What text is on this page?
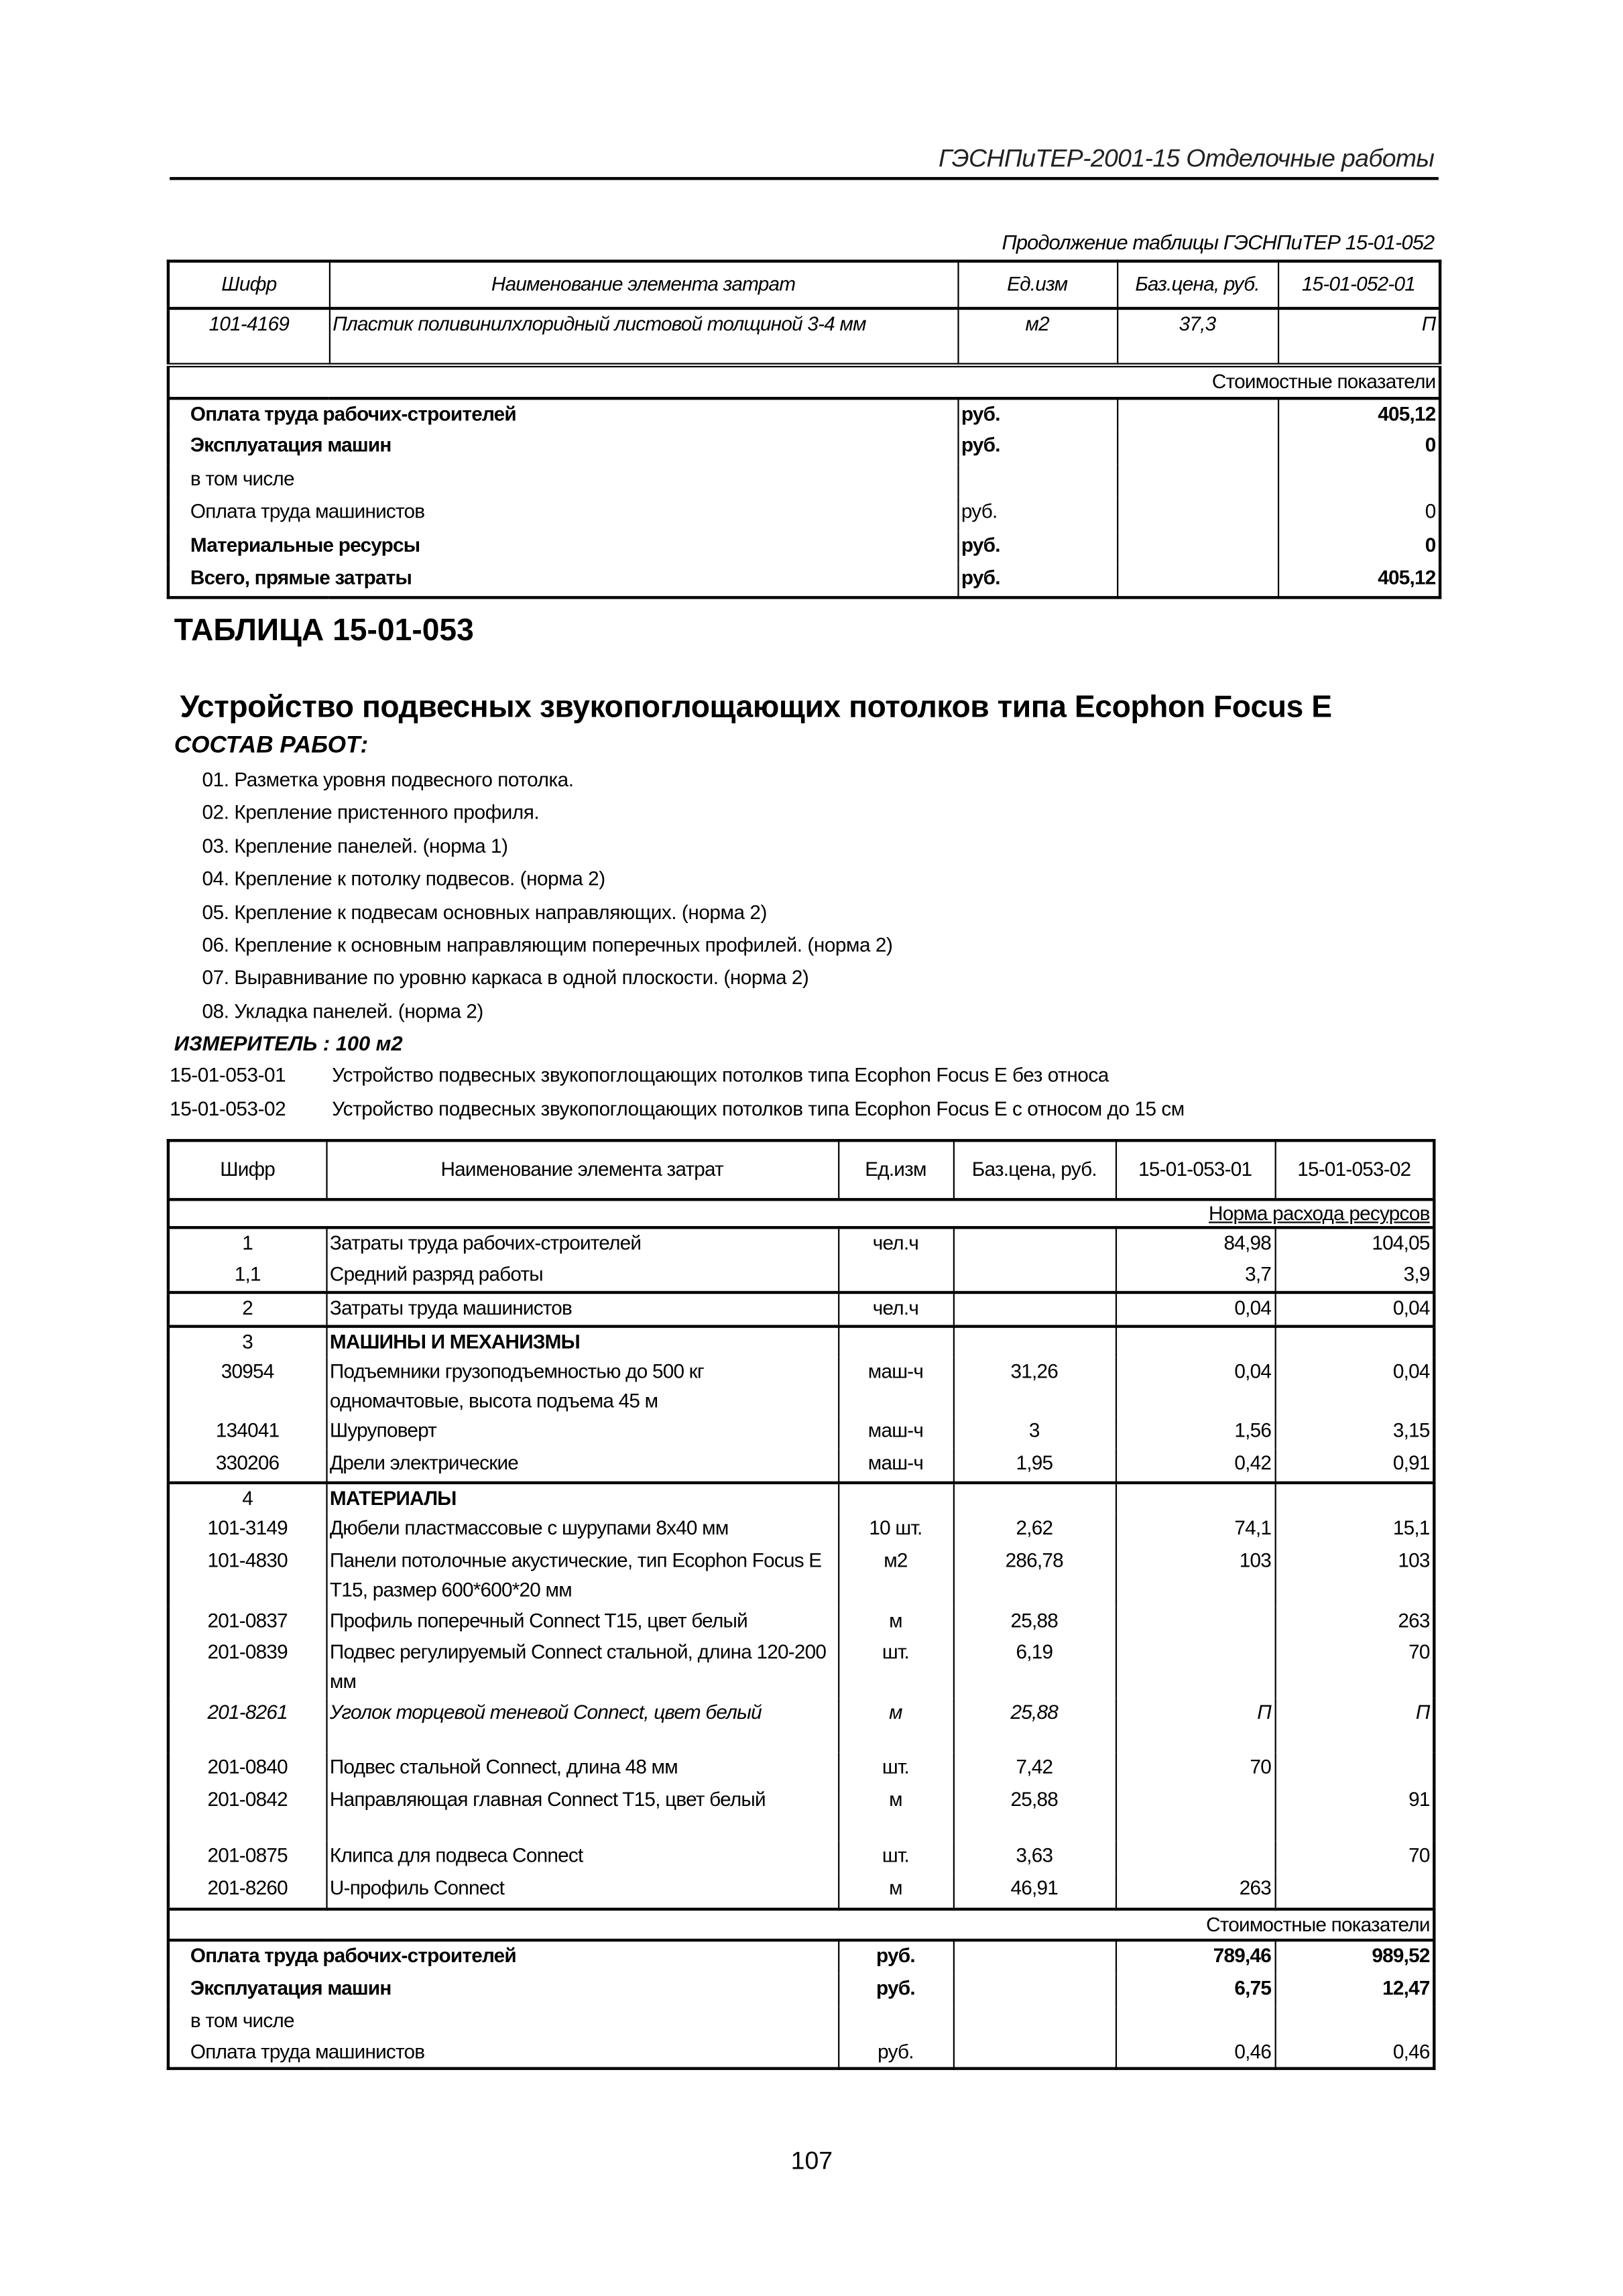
ГЭСНПиТЕР-2001-15 Отделочные работы
Продолжение таблицы ГЭСНПиТЕР 15-01-052
Шифр	Наименование элемента затрат	Ед.изм	Баз.цена, руб.	15-01-052-01
101-4169	Пластик поливинилхлоридный листовой толщиной 3-4 мм	м2	37,3	П
Стоимостные показатели				
Оплата труда рабочих-строителей		руб.		405,12
Эксплуатация машин		руб.		0
в том числе				
Оплата труда машинистов		руб.		0
Материальные ресурсы		руб.		0
Всего, прямые затраты		руб.		405,12
ТАБЛИЦА 15-01-053
Устройство подвесных звукопоглощающих потолков типа Ecophon Focus E
СОСТАВ РАБОТ:
01. Разметка уровня подвесного потолка.
02. Крепление пристенного профиля.
03. Крепление панелей. (норма 1)
04. Крепление к потолку подвесов. (норма 2)
05. Крепление к подвесам основных направляющих. (норма 2)
06. Крепление к основным направляющим поперечных профилей. (норма 2)
07. Выравнивание по уровню каркаса в одной плоскости. (норма 2)
08. Укладка панелей. (норма 2)
ИЗМЕРИТЕЛЬ : 100 м2
15-01-053-01	Устройство подвесных звукопоглощающих потолков типа Ecophon Focus E без относа
15-01-053-02	Устройство подвесных звукопоглощающих потолков типа Ecophon Focus E с относом до 15 см
Шифр	Наименование элемента затрат	Ед.изм	Баз.цена, руб.	15-01-053-01	15-01-053-02
Норма расхода ресурсов					
1	Затраты труда рабочих-строителей	чел.ч		84,98	104,05
1,1	Средний разряд работы			3,7	3,9
2	Затраты труда машинистов	чел.ч		0,04	0,04
3	МАШИНЫ И МЕХАНИЗМЫ				
30954	Подъемники грузоподъемностью до 500 кг одномачтовые, высота подъема 45 м	маш-ч	31,26	0,04	0,04
134041	Шуруповерт	маш-ч	3	1,56	3,15
330206	Дрели электрические	маш-ч	1,95	0,42	0,91
4	МАТЕРИАЛЫ				
101-3149	Дюбели пластмассовые с шурупами 8х40 мм	10 шт.	2,62	74,1	15,1
101-4830	Панели потолочные акустические, тип Ecophon Focus E T15, размер 600*600*20 мм	м2	286,78	103	103
201-0837	Профиль поперечный Connect T15, цвет белый	м	25,88		263
201-0839	Подвес регулируемый Connect стальной, длина 120-200 мм	шт.	6,19		70
201-8261	Уголок торцевой теневой Connect, цвет белый	м	25,88	П	П
201-0840	Подвес стальной Connect, длина 48 мм	шт.	7,42	70	
201-0842	Направляющая главная Connect T15, цвет белый	м	25,88		91
201-0875	Клипса для подвеса Connect	шт.	3,63		70
201-8260	U-профиль Connect	м	46,91	263	
Стоимостные показатели					
Оплата труда рабочих-строителей		руб.		789,46	989,52
Эксплуатация машин		руб.		6,75	12,47
в том числе					
Оплата труда машинистов		руб.		0,46	0,46
107
